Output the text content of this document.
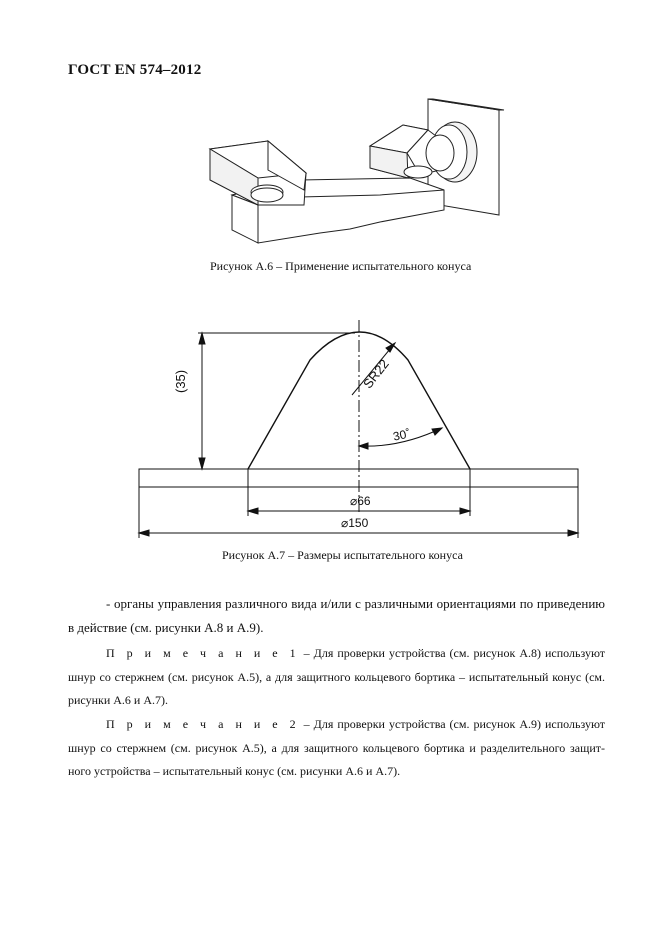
ГОСТ EN 574–2012
Рисунок А.6 – Применение испытательного конуса
(35)	SR22
30˚
⌀66
⌀150
Рисунок А.7 – Размеры испытательного конуса
- органы управления различного вида и/или с различными ориентациями по приведению в действие (см. рисунки А.8 и А.9).
П р и м е ч а н и е 1 – Для проверки устройства (см. рисунок А.8) используют шнур со стержнем (см. рисунок А.5), а для защитного кольцевого бортика – испытательный конус (см. рисунки А.6 и А.7).
П р и м е ч а н и е 2 – Для проверки устройства (см. рисунок А.9) используют шнур со стержнем (см. рисунок А.5), а для защитного кольцевого бортика и разделительного защит-ного устройства – испытательный конус (см. рисунки А.6 и А.7).
